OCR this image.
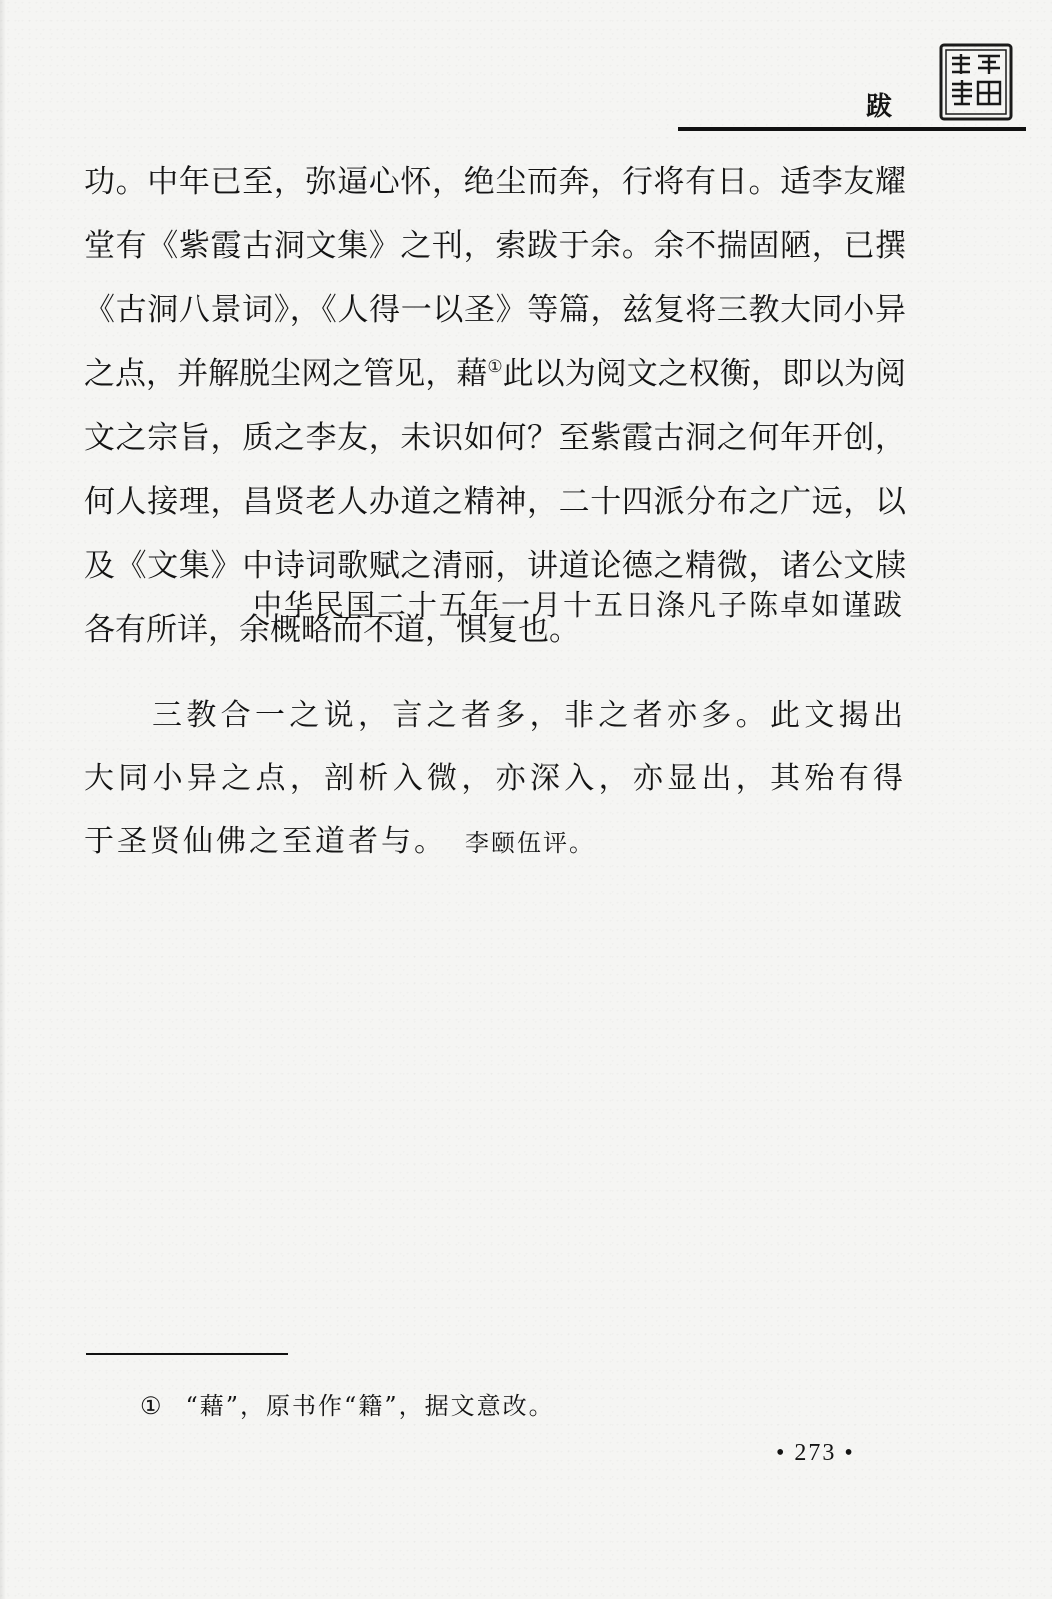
跋

功。中年已至，弥逼心怀，绝尘而奔，行将有日。适李友耀堂有《紫霞古洞文集》之刊，索跋于余。余不揣固陋，已撰《古洞八景词》，《人得一以圣》等篇，兹复将三教大同小异之点，并解脱尘网之管见，藉①此以为阅文之权衡，即以为阅文之宗旨，质之李友，未识如何？至紫霞古洞之何年开创，何人接理，昌贤老人办道之精神，二十四派分布之广远，以及《文集》中诗词歌赋之清丽，讲道论德之精微，诸公文牍各有所详，余概略而不道，惧复也。

中华民国二十五年一月十五日涤凡子陈卓如谨跋
三教合一之说，言之者多，非之者亦多。此文揭出大同小异之点，剖析入微，亦深入，亦显出，其殆有得于圣贤仙佛之至道者与。 李颐伍评。
① “藉”，原书作“籍”，据文意改。
• 273 •
